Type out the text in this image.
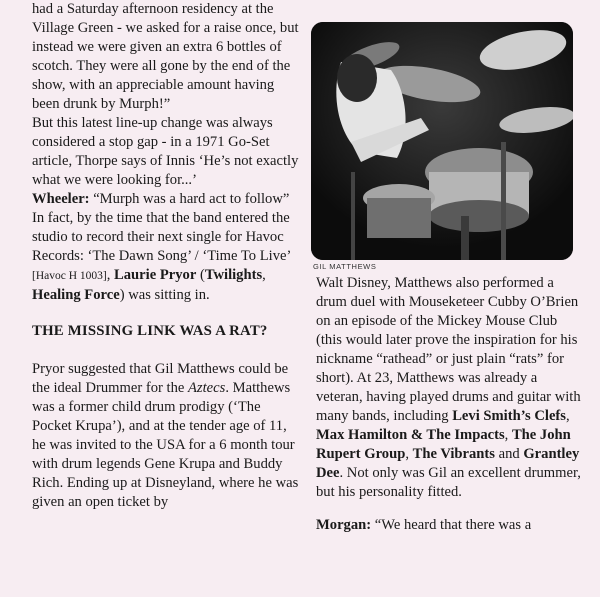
had a Saturday afternoon residency at the Village Green - we asked for a raise once, but instead we were given an extra 6 bottles of scotch. They were all gone by the end of the show, with an appreciable amount having been drunk by Murph!”

But this latest line-up change was always considered a stop gap - in a 1971 Go-Set article, Thorpe says of Innis ‘He’s not exactly what we were looking for...’

Wheeler: “Murph was a hard act to follow”

In fact, by the time that the band entered the studio to record their next single for Havoc Records: ‘The Dawn Song’ / ‘Time To Live’ [Havoc H 1003], Laurie Pryor (Twilights, Healing Force) was sitting in.

THE MISSING LINK WAS A RAT?

Pryor suggested that Gil Matthews could be the ideal Drummer for the Aztecs. Matthews was a former child drum prodigy (‘The Pocket Krupa’), and at the tender age of 11, he was invited to the USA for a 6 month tour with drum legends Gene Krupa and Buddy Rich. Ending up at Disneyland, where he was given an open ticket by

GIL MATTHEWS

Walt Disney, Matthews also performed a drum duel with Mouseketeer Cubby O’Brien on an episode of the Mickey Mouse Club (this would later prove the inspiration for his nickname “rathead” or just plain “rats” for short). At 23, Matthews was already a veteran, having played drums and guitar with many bands, including Levi Smith’s Clefs, Max Hamilton & The Impacts, The John Rupert Group, The Vibrants and Grantley Dee. Not only was Gil an excellent drummer, but his personality fitted.

Morgan: “We heard that there was a
